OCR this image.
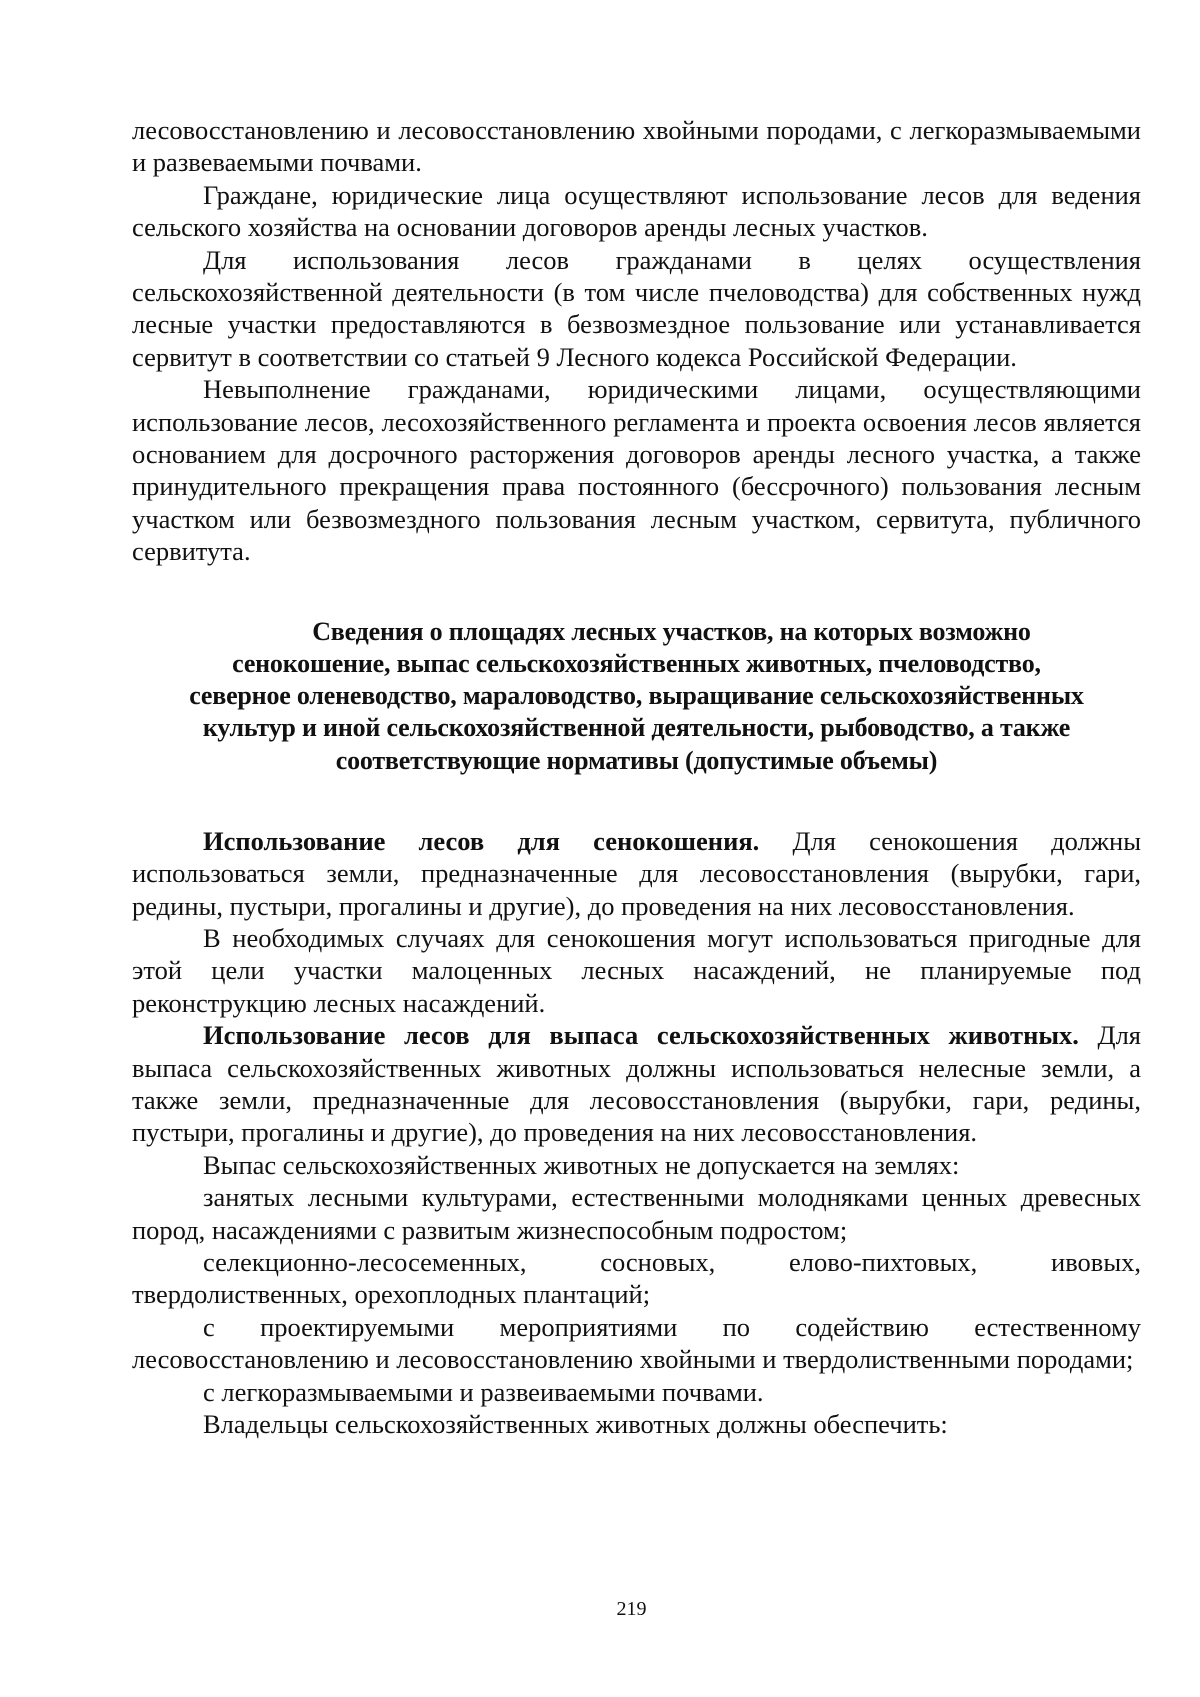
лесовосстановлению и лесовосстановлению хвойными породами, с легкоразмываемыми и развеваемыми почвами.

Граждане, юридические лица осуществляют использование лесов для ведения сельского хозяйства на основании договоров аренды лесных участков.

Для использования лесов гражданами в целях осуществления сельскохозяйственной деятельности (в том числе пчеловодства) для собственных нужд лесные участки предоставляются в безвозмездное пользование или устанавливается сервитут в соответствии со статьей 9 Лесного кодекса Российской Федерации.

Невыполнение гражданами, юридическими лицами, осуществляющими использование лесов, лесохозяйственного регламента и проекта освоения лесов является основанием для досрочного расторжения договоров аренды лесного участка, а также принудительного прекращения права постоянного (бессрочного) пользования лесным участком или безвозмездного пользования лесным участком, сервитута, публичного сервитута.

Сведения о площадях лесных участков, на которых возможно
сенокошение, выпас сельскохозяйственных животных, пчеловодство,
северное оленеводство, мараловодство, выращивание сельскохозяйственных
культур и иной сельскохозяйственной деятельности, рыбоводство, а также
соответствующие нормативы (допустимые объемы)

Использование лесов для сенокошения. Для сенокошения должны использоваться земли, предназначенные для лесовосстановления (вырубки, гари, редины, пустыри, прогалины и другие), до проведения на них лесовосстановления.

В необходимых случаях для сенокошения могут использоваться пригодные для этой цели участки малоценных лесных насаждений, не планируемые под реконструкцию лесных насаждений.

Использование лесов для выпаса сельскохозяйственных животных. Для выпаса сельскохозяйственных животных должны использоваться нелесные земли, а также земли, предназначенные для лесовосстановления (вырубки, гари, редины, пустыри, прогалины и другие), до проведения на них лесовосстановления.

Выпас сельскохозяйственных животных не допускается на землях:

занятых лесными культурами, естественными молодняками ценных древесных пород, насаждениями с развитым жизнеспособным подростом;

селекционно-лесосеменных, сосновых, елово-пихтовых, ивовых, твердолиственных, орехоплодных плантаций;

с проектируемыми мероприятиями по содействию естественному лесовосстановлению и лесовосстановлению хвойными и твердолиственными породами;

с легкоразмываемыми и развеиваемыми почвами.

Владельцы сельскохозяйственных животных должны обеспечить:

219
